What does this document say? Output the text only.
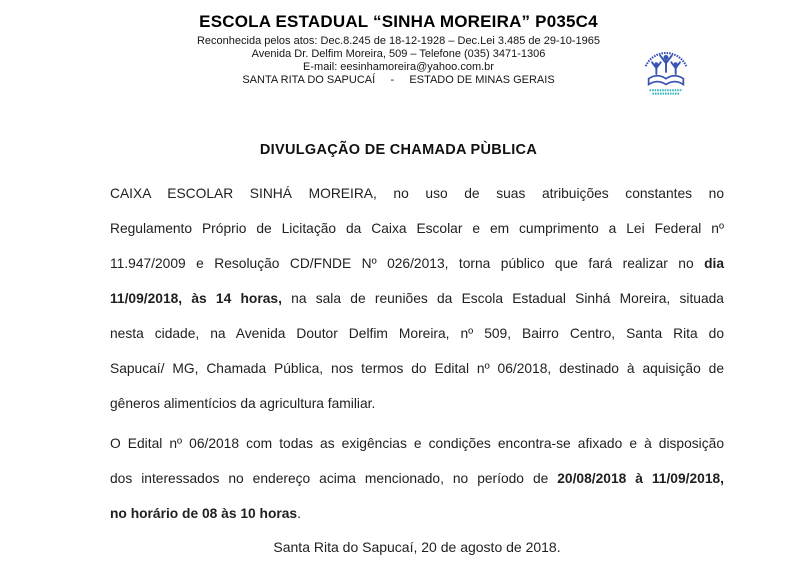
ESCOLA ESTADUAL “SINHA MOREIRA” P035C4
Reconhecida pelos atos: Dec.8.245 de 18-12-1928 – Dec.Lei 3.485 de 29-10-1965
Avenida Dr. Delfim Moreira, 509 – Telefone (035) 3471-1306
E-mail: eesinhamoreira@yahoo.com.br
SANTA RITA DO SAPUCAÍ     -     ESTADO DE MINAS GERAIS
DIVULGAÇÃO DE CHAMADA PÙBLICA
CAIXA ESCOLAR SINHÁ MOREIRA, no uso de suas atribuições constantes no
Regulamento Próprio de Licitação da Caixa Escolar e em cumprimento a Lei Federal nº
11.947/2009 e Resolução CD/FNDE Nº 026/2013, torna público que fará realizar no dia
11/09/2018, às 14 horas, na sala de reuniões da Escola Estadual Sinhá Moreira, situada
nesta cidade, na Avenida Doutor Delfim Moreira, nº 509, Bairro Centro, Santa Rita do
Sapucaí/ MG, Chamada Pública, nos termos do Edital nº 06/2018, destinado à aquisição de
gêneros alimentícios da agricultura familiar.
O Edital nº 06/2018 com todas as exigências e condições encontra-se afixado e à disposição
dos interessados no endereço acima mencionado, no período de 20/08/2018 à 11/09/2018,
no horário de 08 às 10 horas.
Santa Rita do Sapucaí, 20 de agosto de 2018.
